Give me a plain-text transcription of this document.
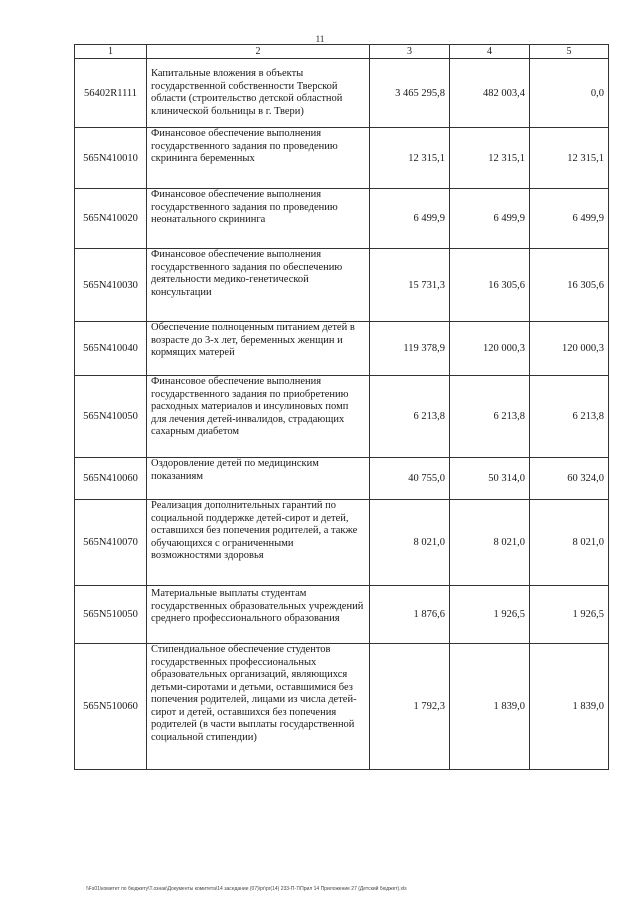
11
1	2	3	4	5
56402R1111	Капитальные вложения в объекты государственной собственности Тверской области (строительство детской областной клинической больницы в г. Твери)	3 465 295,8	482 003,4	0,0
565N410010	Финансовое обеспечение выполнения государственного задания по проведению скрининга беременных	12 315,1	12 315,1	12 315,1
565N410020	Финансовое обеспечение выполнения государственного задания по проведению неонатального скрининга	6 499,9	6 499,9	6 499,9
565N410030	Финансовое обеспечение выполнения государственного задания по обеспечению деятельности медико-генетической консультации	15 731,3	16 305,6	16 305,6
565N410040	Обеспечение полноценным питанием детей в возрасте до 3-х лет, беременных женщин и кормящих матерей	119 378,9	120 000,3	120 000,3
565N410050	Финансовое обеспечение выполнения государственного задания по приобретению расходных материалов и инсулиновых помп для лечения детей-инвалидов, страдающих сахарным диабетом	6 213,8	6 213,8	6 213,8
565N410060	Оздоровление детей по медицинским показаниям	40 755,0	50 314,0	60 324,0
565N410070	Реализация дополнительных гарантий по социальной поддержке детей-сирот и детей, оставшихся без попечения родителей, а также обучающихся с ограниченными возможностями здоровья	8 021,0	8 021,0	8 021,0
565N510050	Материальные выплаты студентам государственных образовательных учреждений среднего профессионального образования	1 876,6	1 926,5	1 926,5
565N510060	Стипендиальное обеспечение студентов государственных профессиональных образовательных организаций, являющихся детьми-сиротами и детьми, оставшимися без попечения родителей, лицами из числа детей-сирот и детей, оставшихся без попечения родителей (в части выплаты государственной социальной стипендии)	1 792,3	1 839,0	1 839,0
\\Fs01\комитет по бюджету\Т.ознак\Документы комитета\14 заседание (07)\pr\pr(14) 233-П-7\Прил 14 Приложение 27 (Детский бюджет).xls
